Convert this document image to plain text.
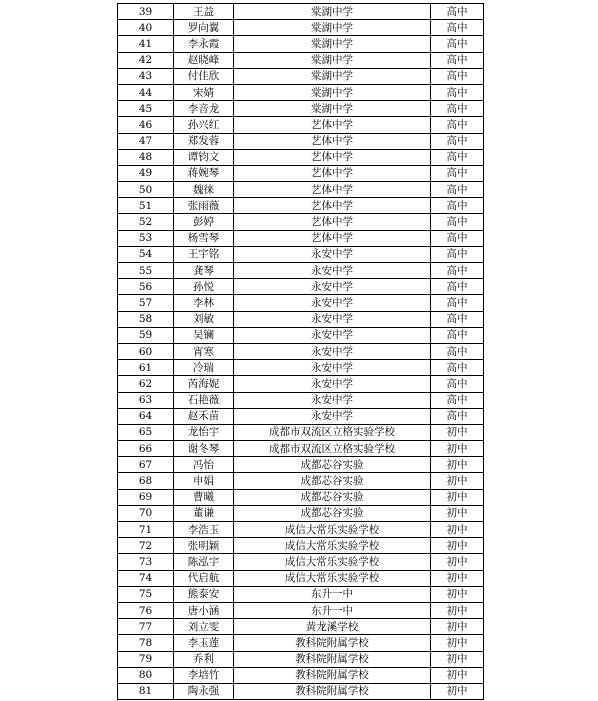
39	王益	棠湖中学	高中
40	罗向翼	棠湖中学	高中
41	李永霞	棠湖中学	高中
42	赵晓峰	棠湖中学	高中
43	付佳欣	棠湖中学	高中
44	宋婧	棠湖中学	高中
45	李音龙	棠湖中学	高中
46	孙兴红	艺体中学	高中
47	郑发蓉	艺体中学	高中
48	谭钧文	艺体中学	高中
49	蒋婉琴	艺体中学	高中
50	魏徕	艺体中学	高中
51	张雨薇	艺体中学	高中
52	彭婷	艺体中学	高中
53	杨雪琴	艺体中学	高中
54	王宇铭	永安中学	高中
55	龚琴	永安中学	高中
56	孙悦	永安中学	高中
57	李林	永安中学	高中
58	刘敏	永安中学	高中
59	吴镧	永安中学	高中
60	宵寒	永安中学	高中
61	冷瑞	永安中学	高中
62	芮海妮	永安中学	高中
63	石艳薇	永安中学	高中
64	赵禾苗	永安中学	高中
65	龙怡宇	成都市双流区立格实验学校	初中
66	谢冬琴	成都市双流区立格实验学校	初中
67	冯怡	成都芯谷实验	初中
68	申娟	成都芯谷实验	初中
69	曹曦	成都芯谷实验	初中
70	董谦	成都芯谷实验	初中
71	李浩玉	成信大常乐实验学校	初中
72	张明颖	成信大常乐实验学校	初中
73	陈泓宇	成信大常乐实验学校	初中
74	代启航	成信大常乐实验学校	初中
75	熊泰安	东升一中	初中
76	唐小涵	东升一中	初中
77	刘立雯	黄龙溪学校	初中
78	李玉莲	教科院附属学校	初中
79	乔利	教科院附属学校	初中
80	李培竹	教科院附属学校	初中
81	陶永强	教科院附属学校	初中
